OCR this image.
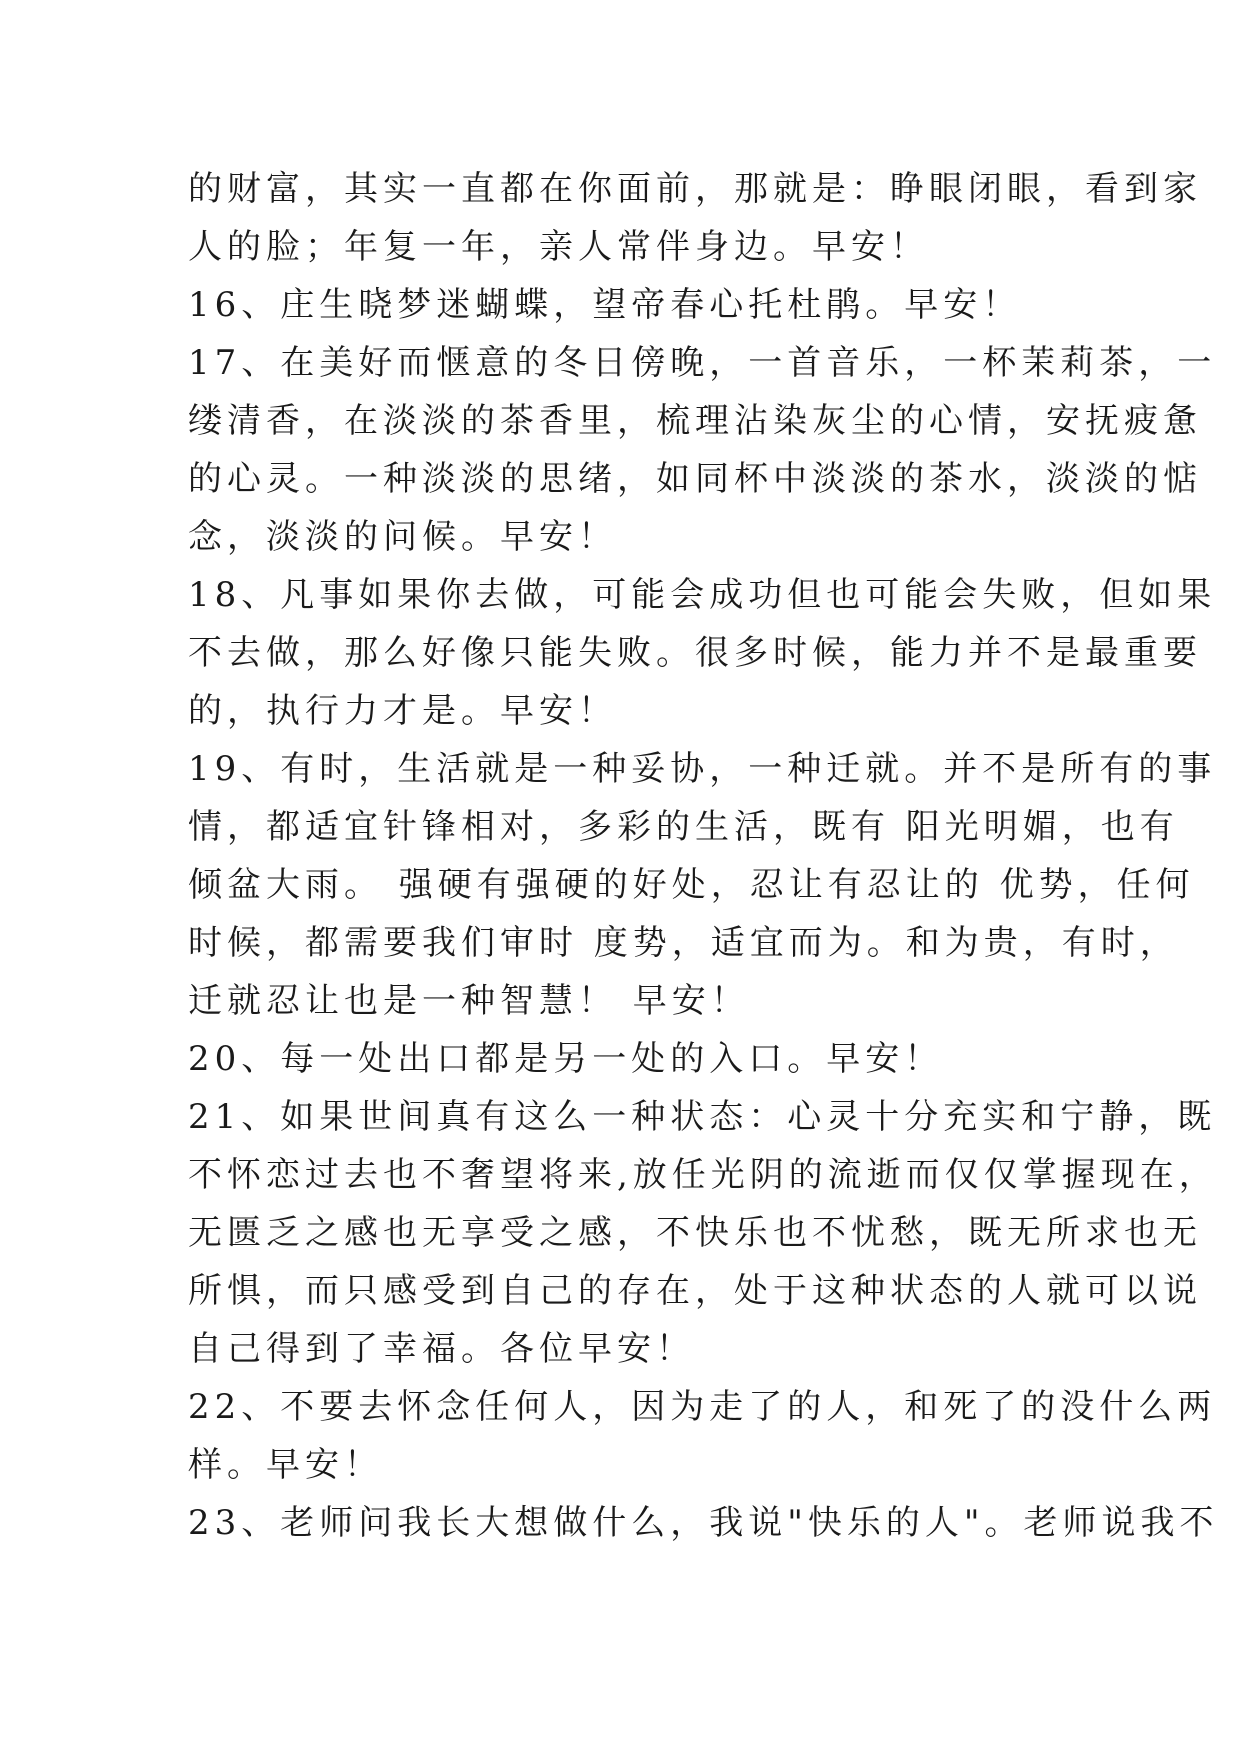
的财富，其实一直都在你面前，那就是：睁眼闭眼，看到家
人的脸；年复一年，亲人常伴身边。早安！
16、庄生晓梦迷蝴蝶，望帝春心托杜鹃。早安！
17、在美好而惬意的冬日傍晚，一首音乐，一杯茉莉茶，一
缕清香，在淡淡的茶香里，梳理沾染灰尘的心情，安抚疲惫
的心灵。一种淡淡的思绪，如同杯中淡淡的茶水，淡淡的惦
念，淡淡的问候。早安！
18、凡事如果你去做，可能会成功但也可能会失败，但如果
不去做，那么好像只能失败。很多时候，能力并不是最重要
的，执行力才是。早安！
19、有时，生活就是一种妥协，一种迁就。并不是所有的事
情，都适宜针锋相对，多彩的生活，既有 阳光明媚，也有
倾盆大雨。 强硬有强硬的好处，忍让有忍让的 优势，任何
时候，都需要我们审时 度势，适宜而为。和为贵，有时，
迁就忍让也是一种智慧！ 早安！
20、每一处出口都是另一处的入口。早安！
21、如果世间真有这么一种状态：心灵十分充实和宁静，既
不怀恋过去也不奢望将来,放任光阴的流逝而仅仅掌握现在，
无匮乏之感也无享受之感，不快乐也不忧愁，既无所求也无
所惧，而只感受到自己的存在，处于这种状态的人就可以说
自己得到了幸福。各位早安！
22、不要去怀念任何人，因为走了的人，和死了的没什么两
样。早安！
23、老师问我长大想做什么，我说"快乐的人"。老师说我不
